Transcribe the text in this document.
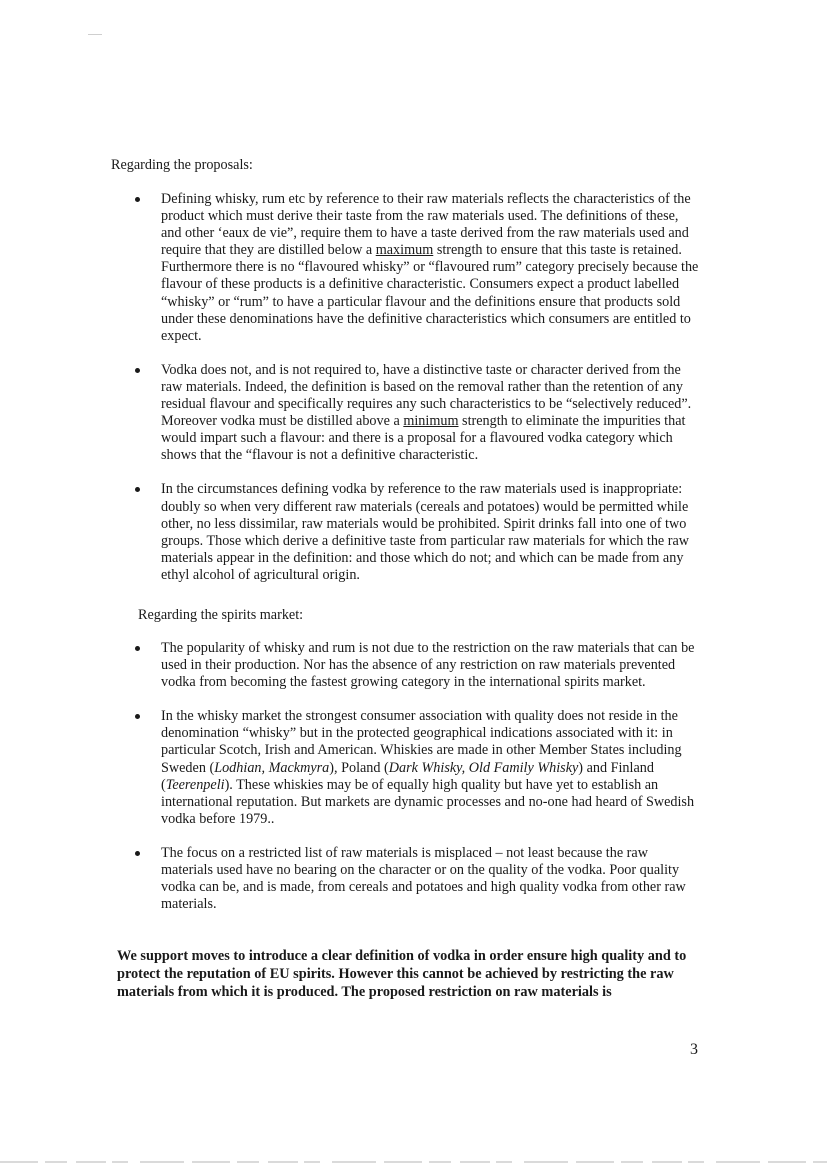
Regarding the proposals:
Defining whisky, rum etc by reference to their raw materials reflects the characteristics of the product which must derive their taste from the raw materials used. The definitions of these, and other ‘eaux de vie”, require them to have a taste derived from the raw materials used and require that they are distilled below a maximum strength to ensure that this taste is retained. Furthermore there is no “flavoured whisky” or “flavoured rum” category precisely because the flavour of these products is a definitive characteristic. Consumers expect a product labelled “whisky” or “rum” to have a particular flavour and the definitions ensure that products sold under these denominations have the definitive characteristics which consumers are entitled to expect.
Vodka does not, and is not required to, have a distinctive taste or character derived from the raw materials. Indeed, the definition is based on the removal rather than the retention of any residual flavour and specifically requires any such characteristics to be “selectively reduced”. Moreover vodka must be distilled above a minimum strength to eliminate the impurities that would impart such a flavour: and there is a proposal for a flavoured vodka category which shows that the “flavour is not a definitive characteristic.
In the circumstances defining vodka by reference to the raw materials used is inappropriate: doubly so when very different raw materials (cereals and potatoes) would be permitted while other, no less dissimilar, raw materials would be prohibited. Spirit drinks fall into one of two groups. Those which derive a definitive taste from particular raw materials for which the raw materials appear in the definition: and those which do not; and which can be made from any ethyl alcohol of agricultural origin.
Regarding the spirits market:
The popularity of whisky and rum is not due to the restriction on the raw materials that can be used in their production. Nor has the absence of any restriction on raw materials prevented vodka from becoming the fastest growing category in the international spirits market.
In the whisky market the strongest consumer association with quality does not reside in the denomination “whisky” but in the protected geographical indications associated with it: in particular Scotch, Irish and American. Whiskies are made in other Member States including Sweden (Lodhian, Mackmyra), Poland (Dark Whisky, Old Family Whisky) and Finland (Teerenpeli). These whiskies may be of equally high quality but have yet to establish an international reputation. But markets are dynamic processes and no-one had heard of Swedish vodka before 1979..
The focus on a restricted list of raw materials is misplaced – not least because the raw materials used have no bearing on the character or on the quality of the vodka. Poor quality vodka can be, and is made, from cereals and potatoes and high quality vodka from other raw materials.
We support moves to introduce a clear definition of vodka in order ensure high quality and to protect the reputation of EU spirits. However this cannot be achieved by restricting the raw materials from which it is produced. The proposed restriction on raw materials is
3
